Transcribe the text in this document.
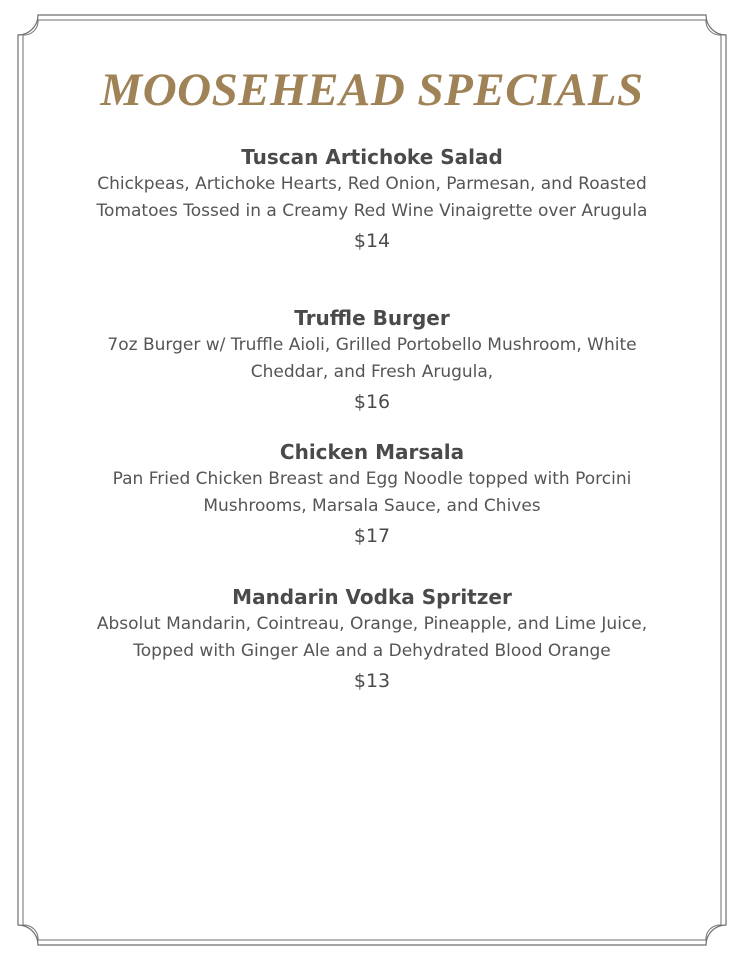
MOOSEHEAD SPECIALS

Tuscan Artichoke Salad

Chickpeas, Artichoke Hearts, Red Onion, Parmesan, and Roasted Tomatoes Tossed in a Creamy Red Wine Vinaigrette over Arugula

$14

Truffle Burger

7oz Burger w/ Truffle Aioli, Grilled Portobello Mushroom, White Cheddar, and Fresh Arugula,

$16

Chicken Marsala

Pan Fried Chicken Breast and Egg Noodle topped with Porcini Mushrooms, Marsala Sauce, and Chives

$17

Mandarin Vodka Spritzer

Absolut Mandarin, Cointreau, Orange, Pineapple, and Lime Juice, Topped with Ginger Ale and a Dehydrated Blood Orange

$13
